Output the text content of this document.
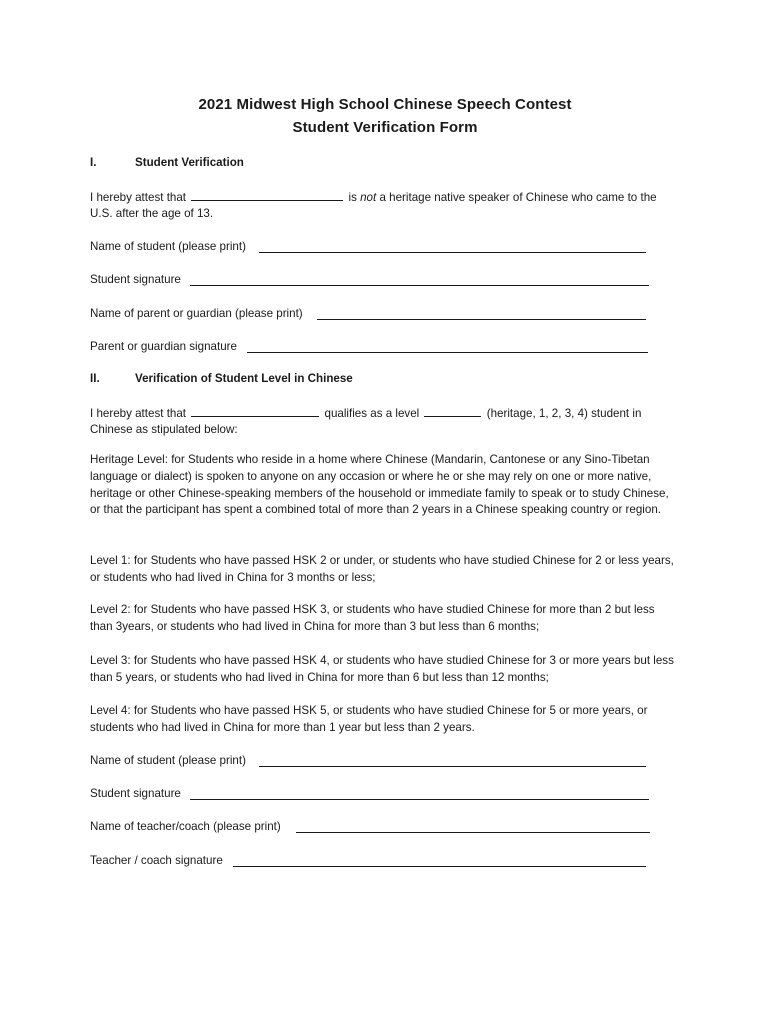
2021 Midwest High School Chinese Speech Contest
Student Verification Form
I.	Student Verification
I hereby attest that	is not a heritage native speaker of Chinese who came to the
U.S. after the age of 13.
Name of student (please print)
Student signature
Name of parent or guardian (please print)
Parent or guardian signature
II.	Verification of Student Level in Chinese
I hereby attest that	qualifies as a level	(heritage, 1, 2, 3, 4) student in
Chinese as stipulated below:
Heritage Level: for Students who reside in a home where Chinese (Mandarin, Cantonese or any Sino-Tibetan language or dialect) is spoken to anyone on any occasion or where he or she may rely on one or more native, heritage or other Chinese-speaking members of the household or immediate family to speak or to study Chinese, or that the participant has spent a combined total of more than 2 years in a Chinese speaking country or region.
Level 1: for Students who have passed HSK 2 or under, or students who have studied Chinese for 2 or less years, or students who had lived in China for 3 months or less;
Level 2: for Students who have passed HSK 3, or students who have studied Chinese for more than 2 but less than 3years, or students who had lived in China for more than 3 but less than 6 months;
Level 3: for Students who have passed HSK 4, or students who have studied Chinese for 3 or more years but less than 5 years, or students who had lived in China for more than 6 but less than 12 months;
Level 4: for Students who have passed HSK 5, or students who have studied Chinese for 5 or more years, or students who had lived in China for more than 1 year but less than 2 years.
Name of student (please print)
Student signature
Name of teacher/coach (please print)
Teacher / coach signature
